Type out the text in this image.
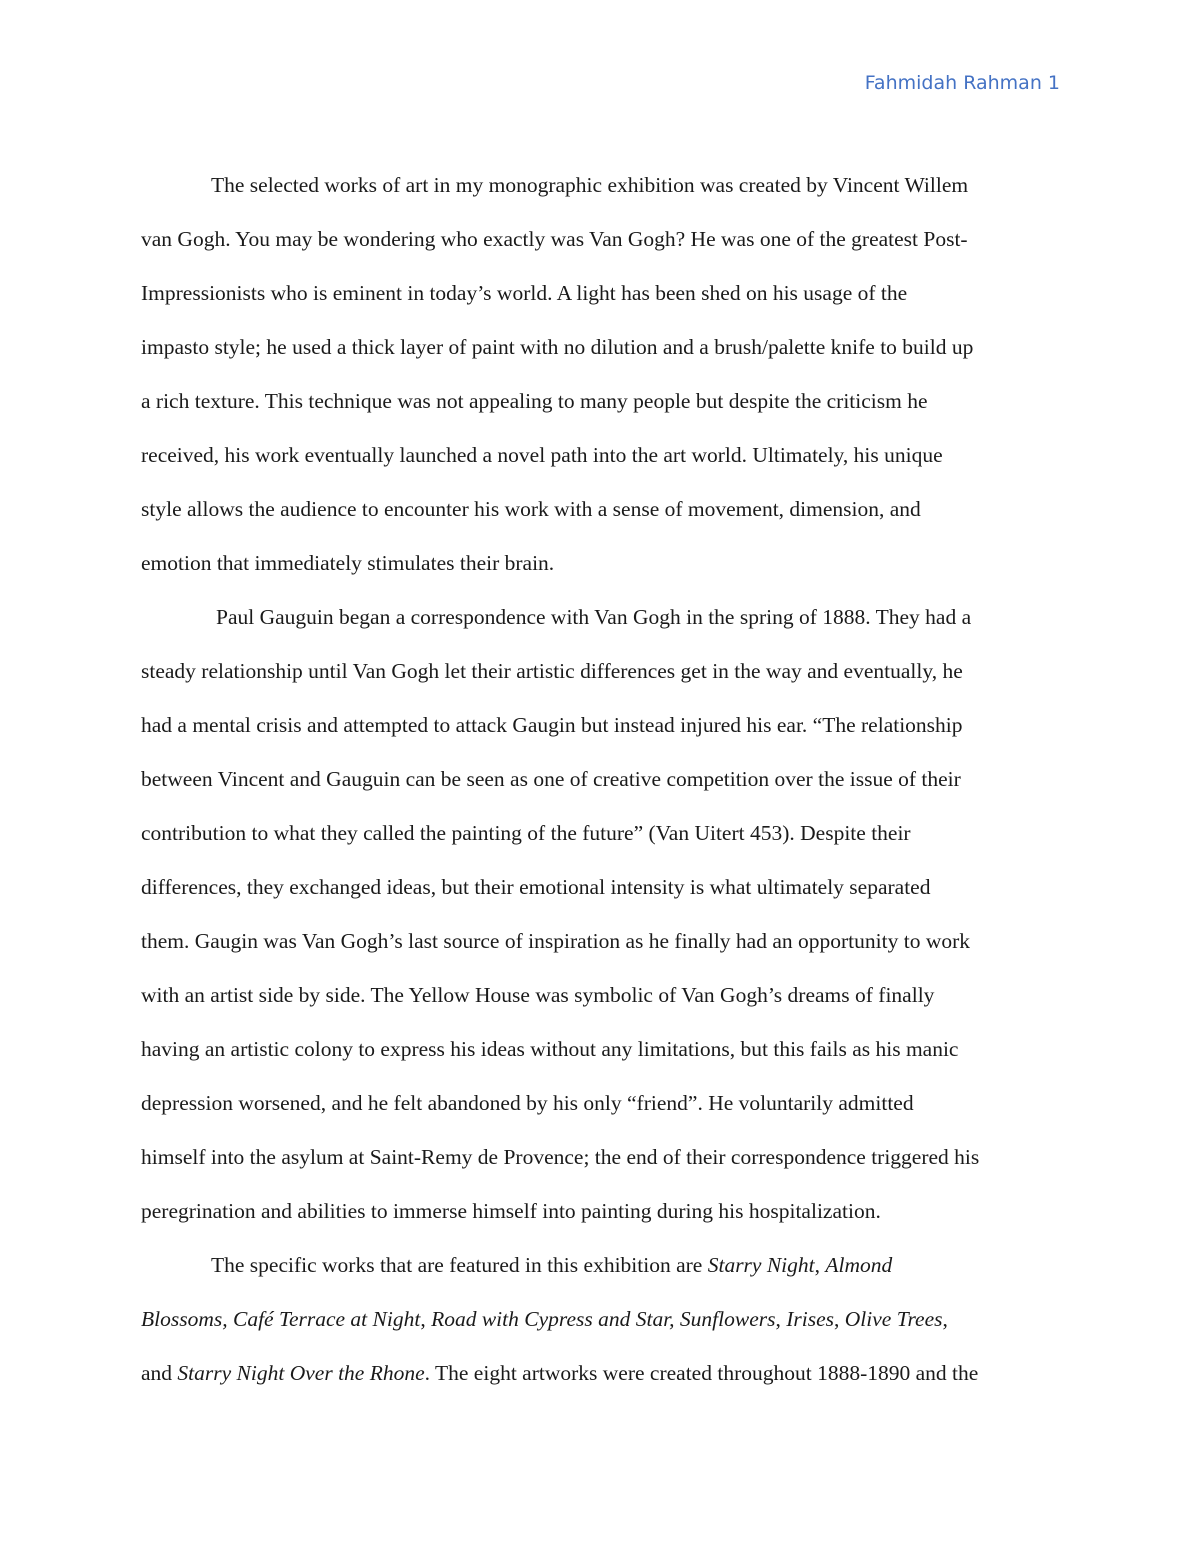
Fahmidah Rahman 1
The selected works of art in my monographic exhibition was created by Vincent Willem
van Gogh. You may be wondering who exactly was Van Gogh? He was one of the greatest Post-
Impressionists who is eminent in today’s world. A light has been shed on his usage of the
impasto style; he used a thick layer of paint with no dilution and a brush/palette knife to build up
a rich texture. This technique was not appealing to many people but despite the criticism he
received, his work eventually launched a novel path into the art world. Ultimately, his unique
style allows the audience to encounter his work with a sense of movement, dimension, and
emotion that immediately stimulates their brain.
Paul Gauguin began a correspondence with Van Gogh in the spring of 1888. They had a
steady relationship until Van Gogh let their artistic differences get in the way and eventually, he
had a mental crisis and attempted to attack Gaugin but instead injured his ear. “The relationship
between Vincent and Gauguin can be seen as one of creative competition over the issue of their
contribution to what they called the painting of the future” (Van Uitert 453). Despite their
differences, they exchanged ideas, but their emotional intensity is what ultimately separated
them. Gaugin was Van Gogh’s last source of inspiration as he finally had an opportunity to work
with an artist side by side. The Yellow House was symbolic of Van Gogh’s dreams of finally
having an artistic colony to express his ideas without any limitations, but this fails as his manic
depression worsened, and he felt abandoned by his only “friend”. He voluntarily admitted
himself into the asylum at Saint-Remy de Provence; the end of their correspondence triggered his
peregrination and abilities to immerse himself into painting during his hospitalization.
The specific works that are featured in this exhibition are Starry Night, Almond
Blossoms, Café Terrace at Night, Road with Cypress and Star, Sunflowers, Irises, Olive Trees,
and Starry Night Over the Rhone. The eight artworks were created throughout 1888-1890 and the
